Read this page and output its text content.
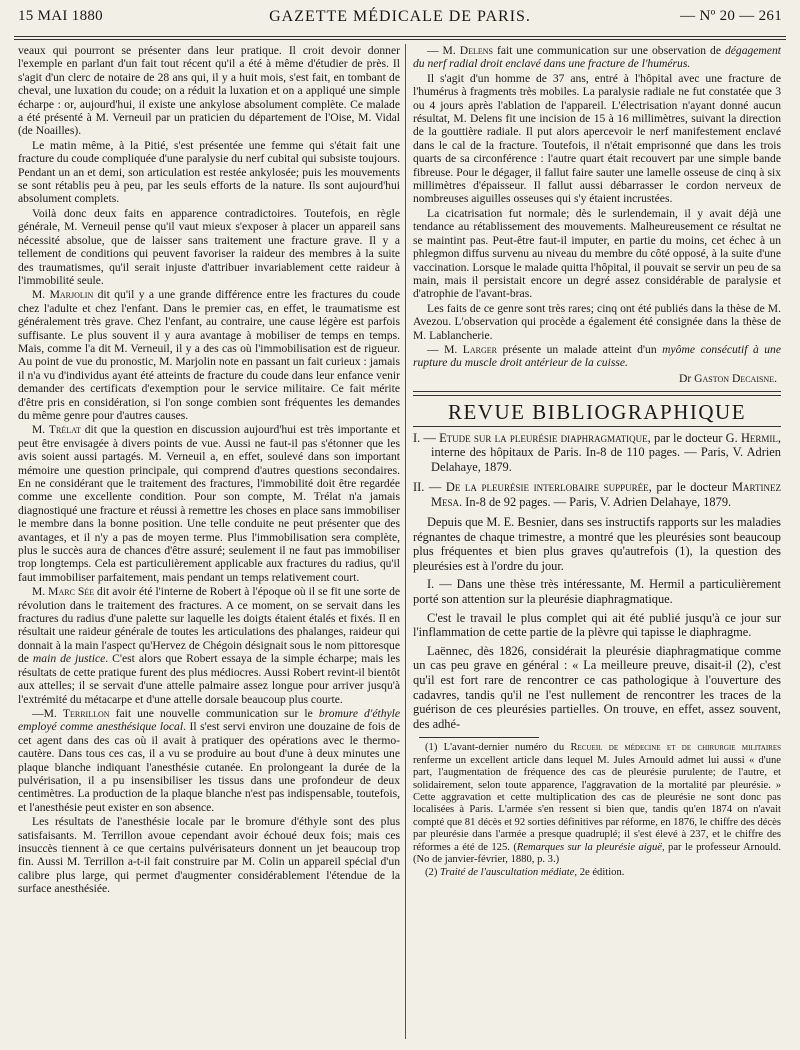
15 MAI 1880	GAZETTE MÉDICALE DE PARIS.	— Nº 20 — 261

veaux qui pourront se présenter dans leur pratique. Il croit devoir donner l'exemple en parlant d'un fait tout récent qu'il a été à même d'étudier de près. Il s'agit d'un clerc de notaire de 28 ans qui, il y a huit mois, s'est fait, en tombant de cheval, une luxation du coude; on a réduit la luxation et on a appliqué une simple écharpe : or, aujourd'hui, il existe une ankylose absolument complète. Ce malade a été présenté à M. Verneuil par un praticien du département de l'Oise, M. Vidal (de Noailles).

Le matin même, à la Pitié, s'est présentée une femme qui s'était fait une fracture du coude compliquée d'une paralysie du nerf cubital qui subsiste toujours. Pendant un an et demi, son articulation est restée ankylosée; puis les mouvements se sont rétablis peu à peu, par les seuls efforts de la nature. Ils sont aujourd'hui absolument complets.

Voilà donc deux faits en apparence contradictoires. Toutefois, en règle générale, M. Verneuil pense qu'il vaut mieux s'exposer à placer un appareil sans nécessité absolue, que de laisser sans traitement une fracture grave. Il y a tellement de conditions qui peuvent favoriser la raideur des membres à la suite des traumatismes, qu'il serait injuste d'attribuer invariablement cette raideur à l'immobilité seule.

M. Marjolin dit qu'il y a une grande différence entre les fractures du coude chez l'adulte et chez l'enfant. Dans le premier cas, en effet, le traumatisme est généralement très grave. Chez l'enfant, au contraire, une cause légère est parfois suffisante. Le plus souvent il y aura avantage à mobiliser de temps en temps. Mais, comme l'a dit M. Verneuil, il y a des cas où l'immobilisation est de rigueur. Au point de vue du pronostic, M. Marjolin note en passant un fait curieux : jamais il n'a vu d'individus ayant été atteints de fracture du coude dans leur enfance venir demander des certificats d'exemption pour le service militaire. Ce fait mérite d'être pris en considération, si l'on songe combien sont fréquentes les demandes du même genre pour d'autres causes.

M. Trélat dit que la question en discussion aujourd'hui est très importante et peut être envisagée à divers points de vue. Aussi ne faut-il pas s'étonner que les avis soient aussi partagés. M. Verneuil a, en effet, soulevé dans son important mémoire une question principale, qui comprend d'autres questions secondaires. En ne considérant que le traitement des fractures, l'immobilité doit être regardée comme une excellente condition. Pour son compte, M. Trélat n'a jamais diagnostiqué une fracture et réussi à remettre les choses en place sans immobiliser le membre dans la bonne position. Une telle conduite ne peut présenter que des avantages, et il n'y a pas de moyen terme. Plus l'immobilisation sera complète, plus le succès aura de chances d'être assuré; seulement il ne faut pas immobiliser trop longtemps. Cela est particulièrement applicable aux fractures du radius, qu'il faut immobiliser parfaitement, mais pendant un temps relativement court.

M. Marc Sée dit avoir été l'interne de Robert à l'époque où il se fit une sorte de révolution dans le traitement des fractures. A ce moment, on se servait dans les fractures du radius d'une palette sur laquelle les doigts étaient étalés et fixés. Il en résultait une raideur générale de toutes les articulations des phalanges, raideur qui donnait à la main l'aspect qu'Hervez de Chégoin désignait sous le nom pittoresque de main de justice. C'est alors que Robert essaya de la simple écharpe; mais les résultats de cette pratique furent des plus médiocres. Aussi Robert revint-il bientôt aux attelles; il se servait d'une attelle palmaire assez longue pour arriver jusqu'à l'extrémité du métacarpe et d'une attelle dorsale beaucoup plus courte.

—M. Terrillon fait une nouvelle communication sur le bromure d'éthyle employé comme anesthésique local. Il s'est servi environ une douzaine de fois de cet agent dans des cas où il avait à pratiquer des opérations avec le thermo-cautère. Dans tous ces cas, il a vu se produire au bout d'une à deux minutes une plaque blanche indiquant l'anesthésie cutanée. En prolongeant la durée de la pulvérisation, il a pu insensibiliser les tissus dans une profondeur de deux centimètres. La production de la plaque blanche n'est pas indispensable, toutefois, et l'anesthésie peut exister en son absence.

Les résultats de l'anesthésie locale par le bromure d'éthyle sont des plus satisfaisants. M. Terrillon avoue cependant avoir échoué deux fois; mais ces insuccès tiennent à ce que certains pulvérisateurs donnent un jet beaucoup trop fin. Aussi M. Terrillon a-t-il fait construire par M. Colin un appareil spécial d'un calibre plus large, qui permet d'augmenter considérablement l'étendue de la surface anesthésiée.

— M. Delens fait une communication sur une observation de dégagement du nerf radial droit enclavé dans une fracture de l'humérus.

Il s'agit d'un homme de 37 ans, entré à l'hôpital avec une fracture de l'humérus à fragments très mobiles. La paralysie radiale ne fut constatée que 3 ou 4 jours après l'ablation de l'appareil. L'électrisation n'ayant donné aucun résultat, M. Delens fit une incision de 15 à 16 millimètres, suivant la direction de la gouttière radiale. Il put alors apercevoir le nerf manifestement enclavé dans le cal de la fracture. Toutefois, il n'était emprisonné que dans les trois quarts de sa circonférence : l'autre quart était recouvert par une simple bande fibreuse. Pour le dégager, il fallut faire sauter une lamelle osseuse de cinq à six millimètres d'épaisseur. Il fallut aussi débarrasser le cordon nerveux de nombreuses aiguilles osseuses qui s'y étaient incrustées.

La cicatrisation fut normale; dès le surlendemain, il y avait déjà une tendance au rétablissement des mouvements. Malheureusement ce résultat ne se maintint pas. Peut-être faut-il imputer, en partie du moins, cet échec à un phlegmon diffus survenu au niveau du membre du côté opposé, à la suite d'une vaccination. Lorsque le malade quitta l'hôpital, il pouvait se servir un peu de sa main, mais il persistait encore un degré assez considérable de paralysie et d'atrophie de l'avant-bras.

Les faits de ce genre sont très rares; cinq ont été publiés dans la thèse de M. Avezou. L'observation qui procède a également été consignée dans la thèse de M. Lablancherie.

— M. Larger présente un malade atteint d'un myôme consécutif à une rupture du muscle droit antérieur de la cuisse.

Dr Gaston Decaisne.

REVUE BIBLIOGRAPHIQUE

I. — Etude sur la pleurésie diaphragmatique, par le docteur G. Hermil, interne des hôpitaux de Paris. In-8 de 110 pages. — Paris, V. Adrien Delahaye, 1879.

II. — De la pleurésie interlobaire suppurée, par le docteur Martinez Mesa. In-8 de 92 pages. — Paris, V. Adrien Delahaye, 1879.

Depuis que M. E. Besnier, dans ses instructifs rapports sur les maladies régnantes de chaque trimestre, a montré que les pleurésies sont beaucoup plus fréquentes et bien plus graves qu'autrefois (1), la question des pleurésies est à l'ordre du jour.

I. — Dans une thèse très intéressante, M. Hermil a particulièrement porté son attention sur la pleurésie diaphragmatique.

C'est le travail le plus complet qui ait été publié jusqu'à ce jour sur l'inflammation de cette partie de la plèvre qui tapisse le diaphragme.

Laënnec, dès 1826, considérait la pleurésie diaphragmatique comme un cas peu grave en général : « La meilleure preuve, disait-il (2), c'est qu'il est fort rare de rencontrer ce cas pathologique à l'ouverture des cadavres, tandis qu'il ne l'est nullement de rencontrer les traces de la guérison de ces pleurésies partielles. On trouve, en effet, assez souvent, des adhé-

(1) L'avant-dernier numéro du Recueil de médecine et de chirurgie militaires renferme un excellent article dans lequel M. Jules Arnould admet lui aussi « d'une part, l'augmentation de fréquence des cas de pleurésie purulente; de l'autre, et solidairement, selon toute apparence, l'aggravation de la mortalité par pleurésie. » Cette aggravation et cette multiplication des cas de pleurésie ne sont donc pas localisées à Paris. L'armée s'en ressent si bien que, tandis qu'en 1874 on n'avait compté que 81 décès et 92 sorties définitives par réforme, en 1876, le chiffre des décès par pleurésie dans l'armée a presque quadruplé; il s'est élevé à 237, et le chiffre des réformes a été de 125. (Remarques sur la pleurésie aiguë, par le professeur Arnould. (No de janvier-février, 1880, p. 3.)

(2) Traité de l'auscultation médiate, 2e édition.
